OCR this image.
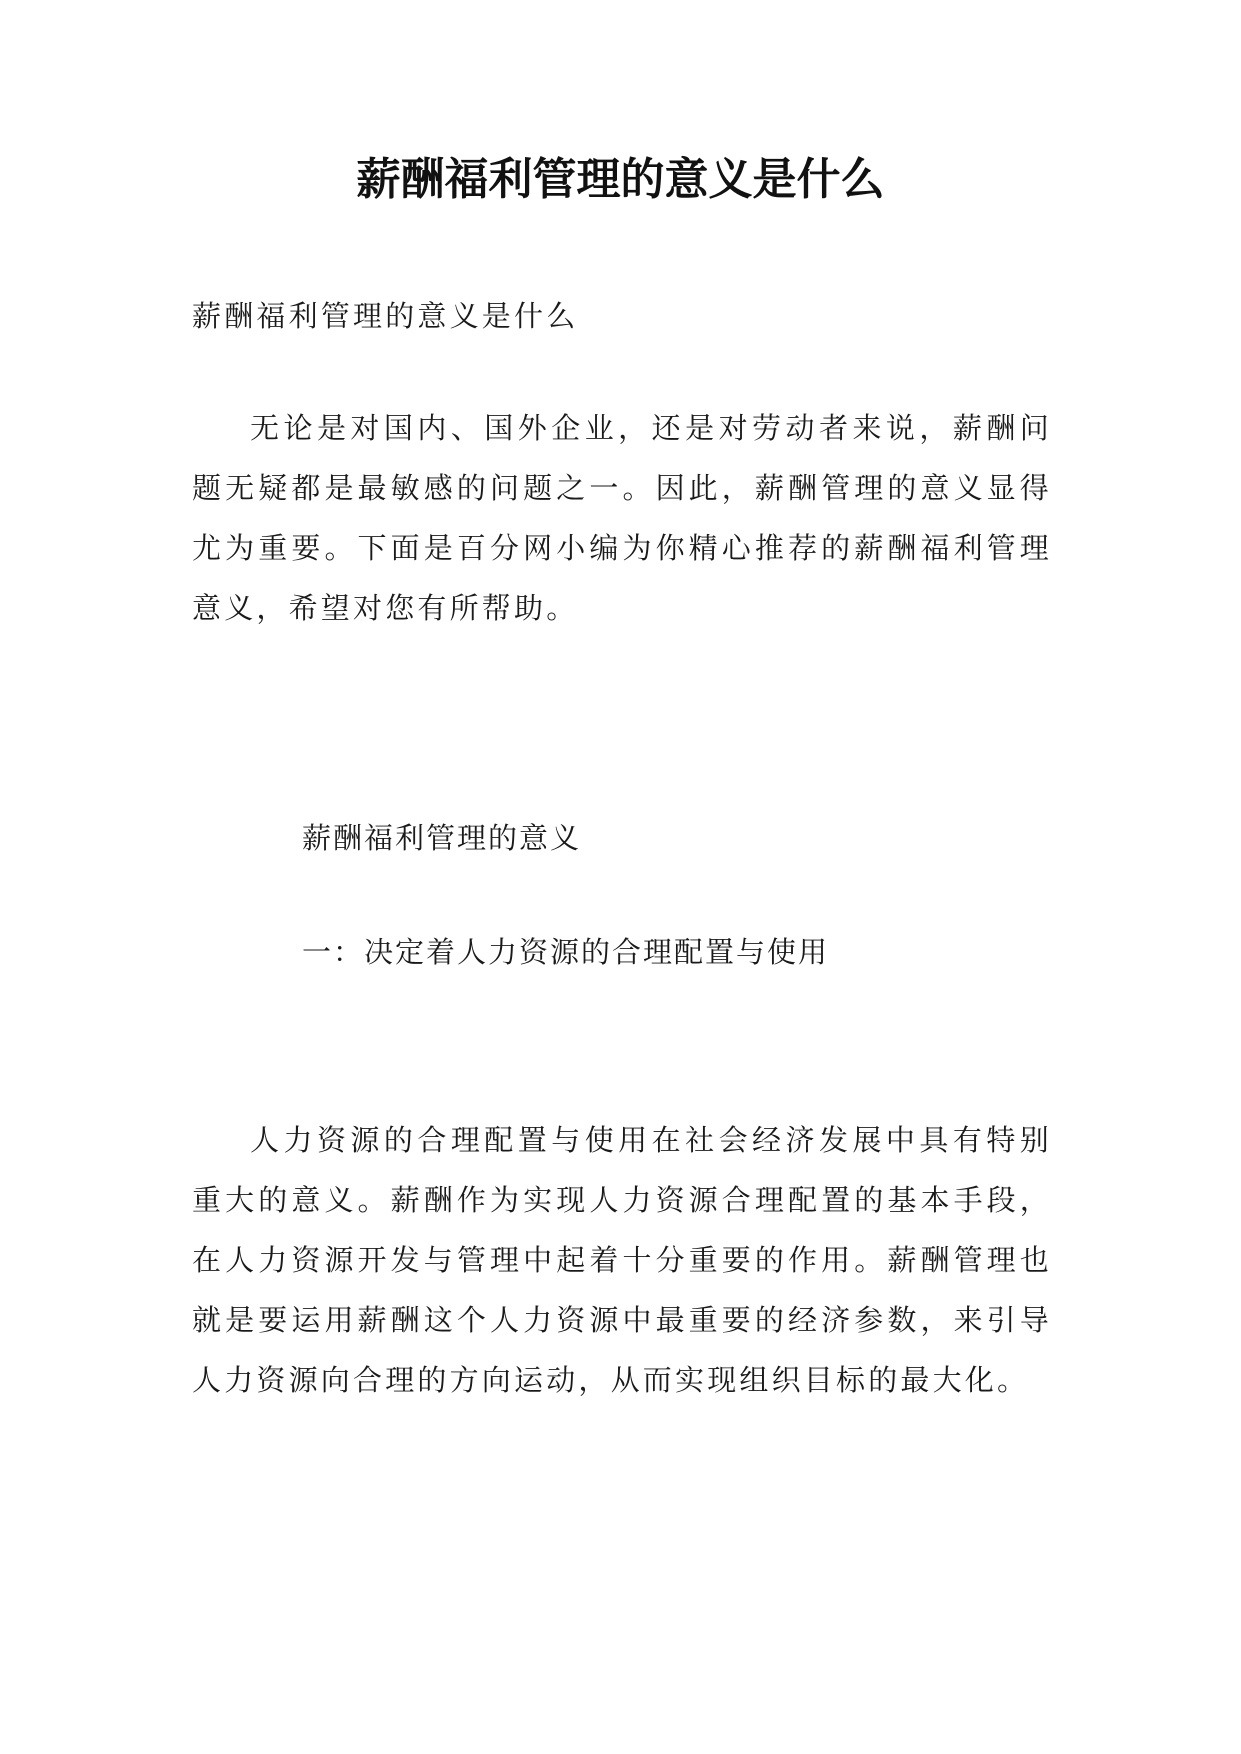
薪酬福利管理的意义是什么
薪酬福利管理的意义是什么
无论是对国内、国外企业，还是对劳动者来说，薪酬问题无疑都是最敏感的问题之一。因此，薪酬管理的意义显得尤为重要。下面是百分网小编为你精心推荐的薪酬福利管理意义，希望对您有所帮助。
薪酬福利管理的意义
一：决定着人力资源的合理配置与使用
人力资源的合理配置与使用在社会经济发展中具有特别重大的意义。薪酬作为实现人力资源合理配置的基本手段，在人力资源开发与管理中起着十分重要的作用。薪酬管理也就是要运用薪酬这个人力资源中最重要的经济参数，来引导人力资源向合理的方向运动，从而实现组织目标的最大化。
